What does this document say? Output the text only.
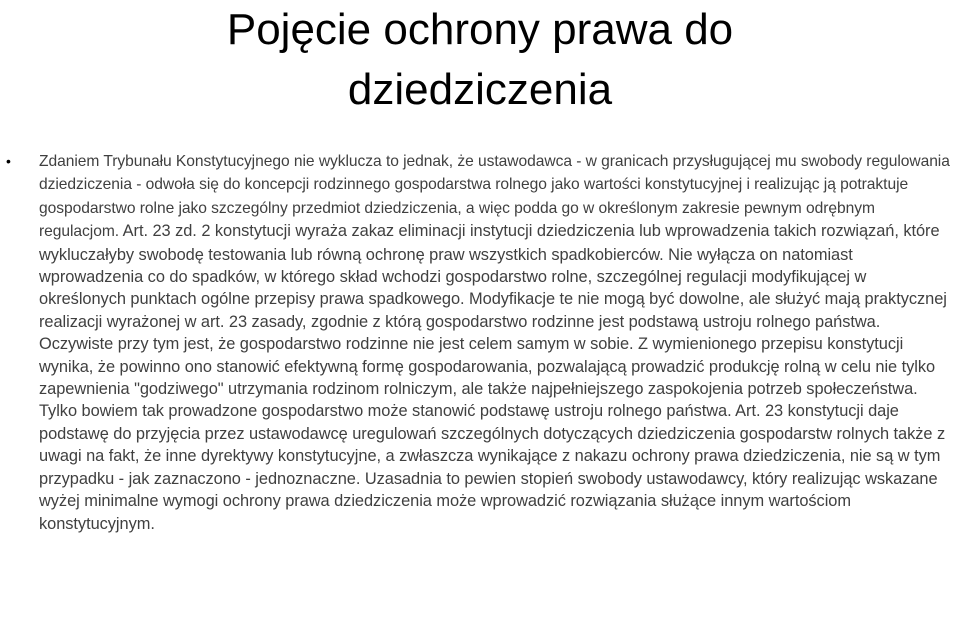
Pojęcie ochrony prawa do
dziedziczenia
• Zdaniem Trybunału Konstytucyjnego nie wyklucza to jednak, że ustawodawca - w granicach przysługującej mu swobody regulowania dziedziczenia - odwoła się do koncepcji rodzinnego gospodarstwa rolnego jako wartości konstytucyjnej i realizując ją potraktuje gospodarstwo rolne jako szczególny przedmiot dziedziczenia, a więc podda go w określonym zakresie pewnym odrębnym regulacjom. Art. 23 zd. 2 konstytucji wyraża zakaz eliminacji instytucji dziedziczenia lub wprowadzenia takich rozwiązań, które wykluczałyby swobodę testowania lub równą ochronę praw wszystkich spadkobierców. Nie wyłącza on natomiast wprowadzenia co do spadków, w którego skład wchodzi gospodarstwo rolne, szczególnej regulacji modyfikującej w określonych punktach ogólne przepisy prawa spadkowego. Modyfikacje te nie mogą być dowolne, ale służyć mają praktycznej realizacji wyrażonej w art. 23 zasady, zgodnie z którą gospodarstwo rodzinne jest podstawą ustroju rolnego państwa. Oczywiste przy tym jest, że gospodarstwo rodzinne nie jest celem samym w sobie. Z wymienionego przepisu konstytucji wynika, że powinno ono stanowić efektywną formę gospodarowania, pozwalającą prowadzić produkcję rolną w celu nie tylko zapewnienia "godziwego" utrzymania rodzinom rolniczym, ale także najpełniejszego zaspokojenia potrzeb społeczeństwa. Tylko bowiem tak prowadzone gospodarstwo może stanowić podstawę ustroju rolnego państwa. Art. 23 konstytucji daje podstawę do przyjęcia przez ustawodawcę uregulowań szczególnych dotyczących dziedziczenia gospodarstw rolnych także z uwagi na fakt, że inne dyrektywy konstytucyjne, a zwłaszcza wynikające z nakazu ochrony prawa dziedziczenia, nie są w tym przypadku - jak zaznaczono - jednoznaczne. Uzasadnia to pewien stopień swobody ustawodawcy, który realizując wskazane wyżej minimalne wymogi ochrony prawa dziedziczenia może wprowadzić rozwiązania służące innym wartościom konstytucyjnym.
